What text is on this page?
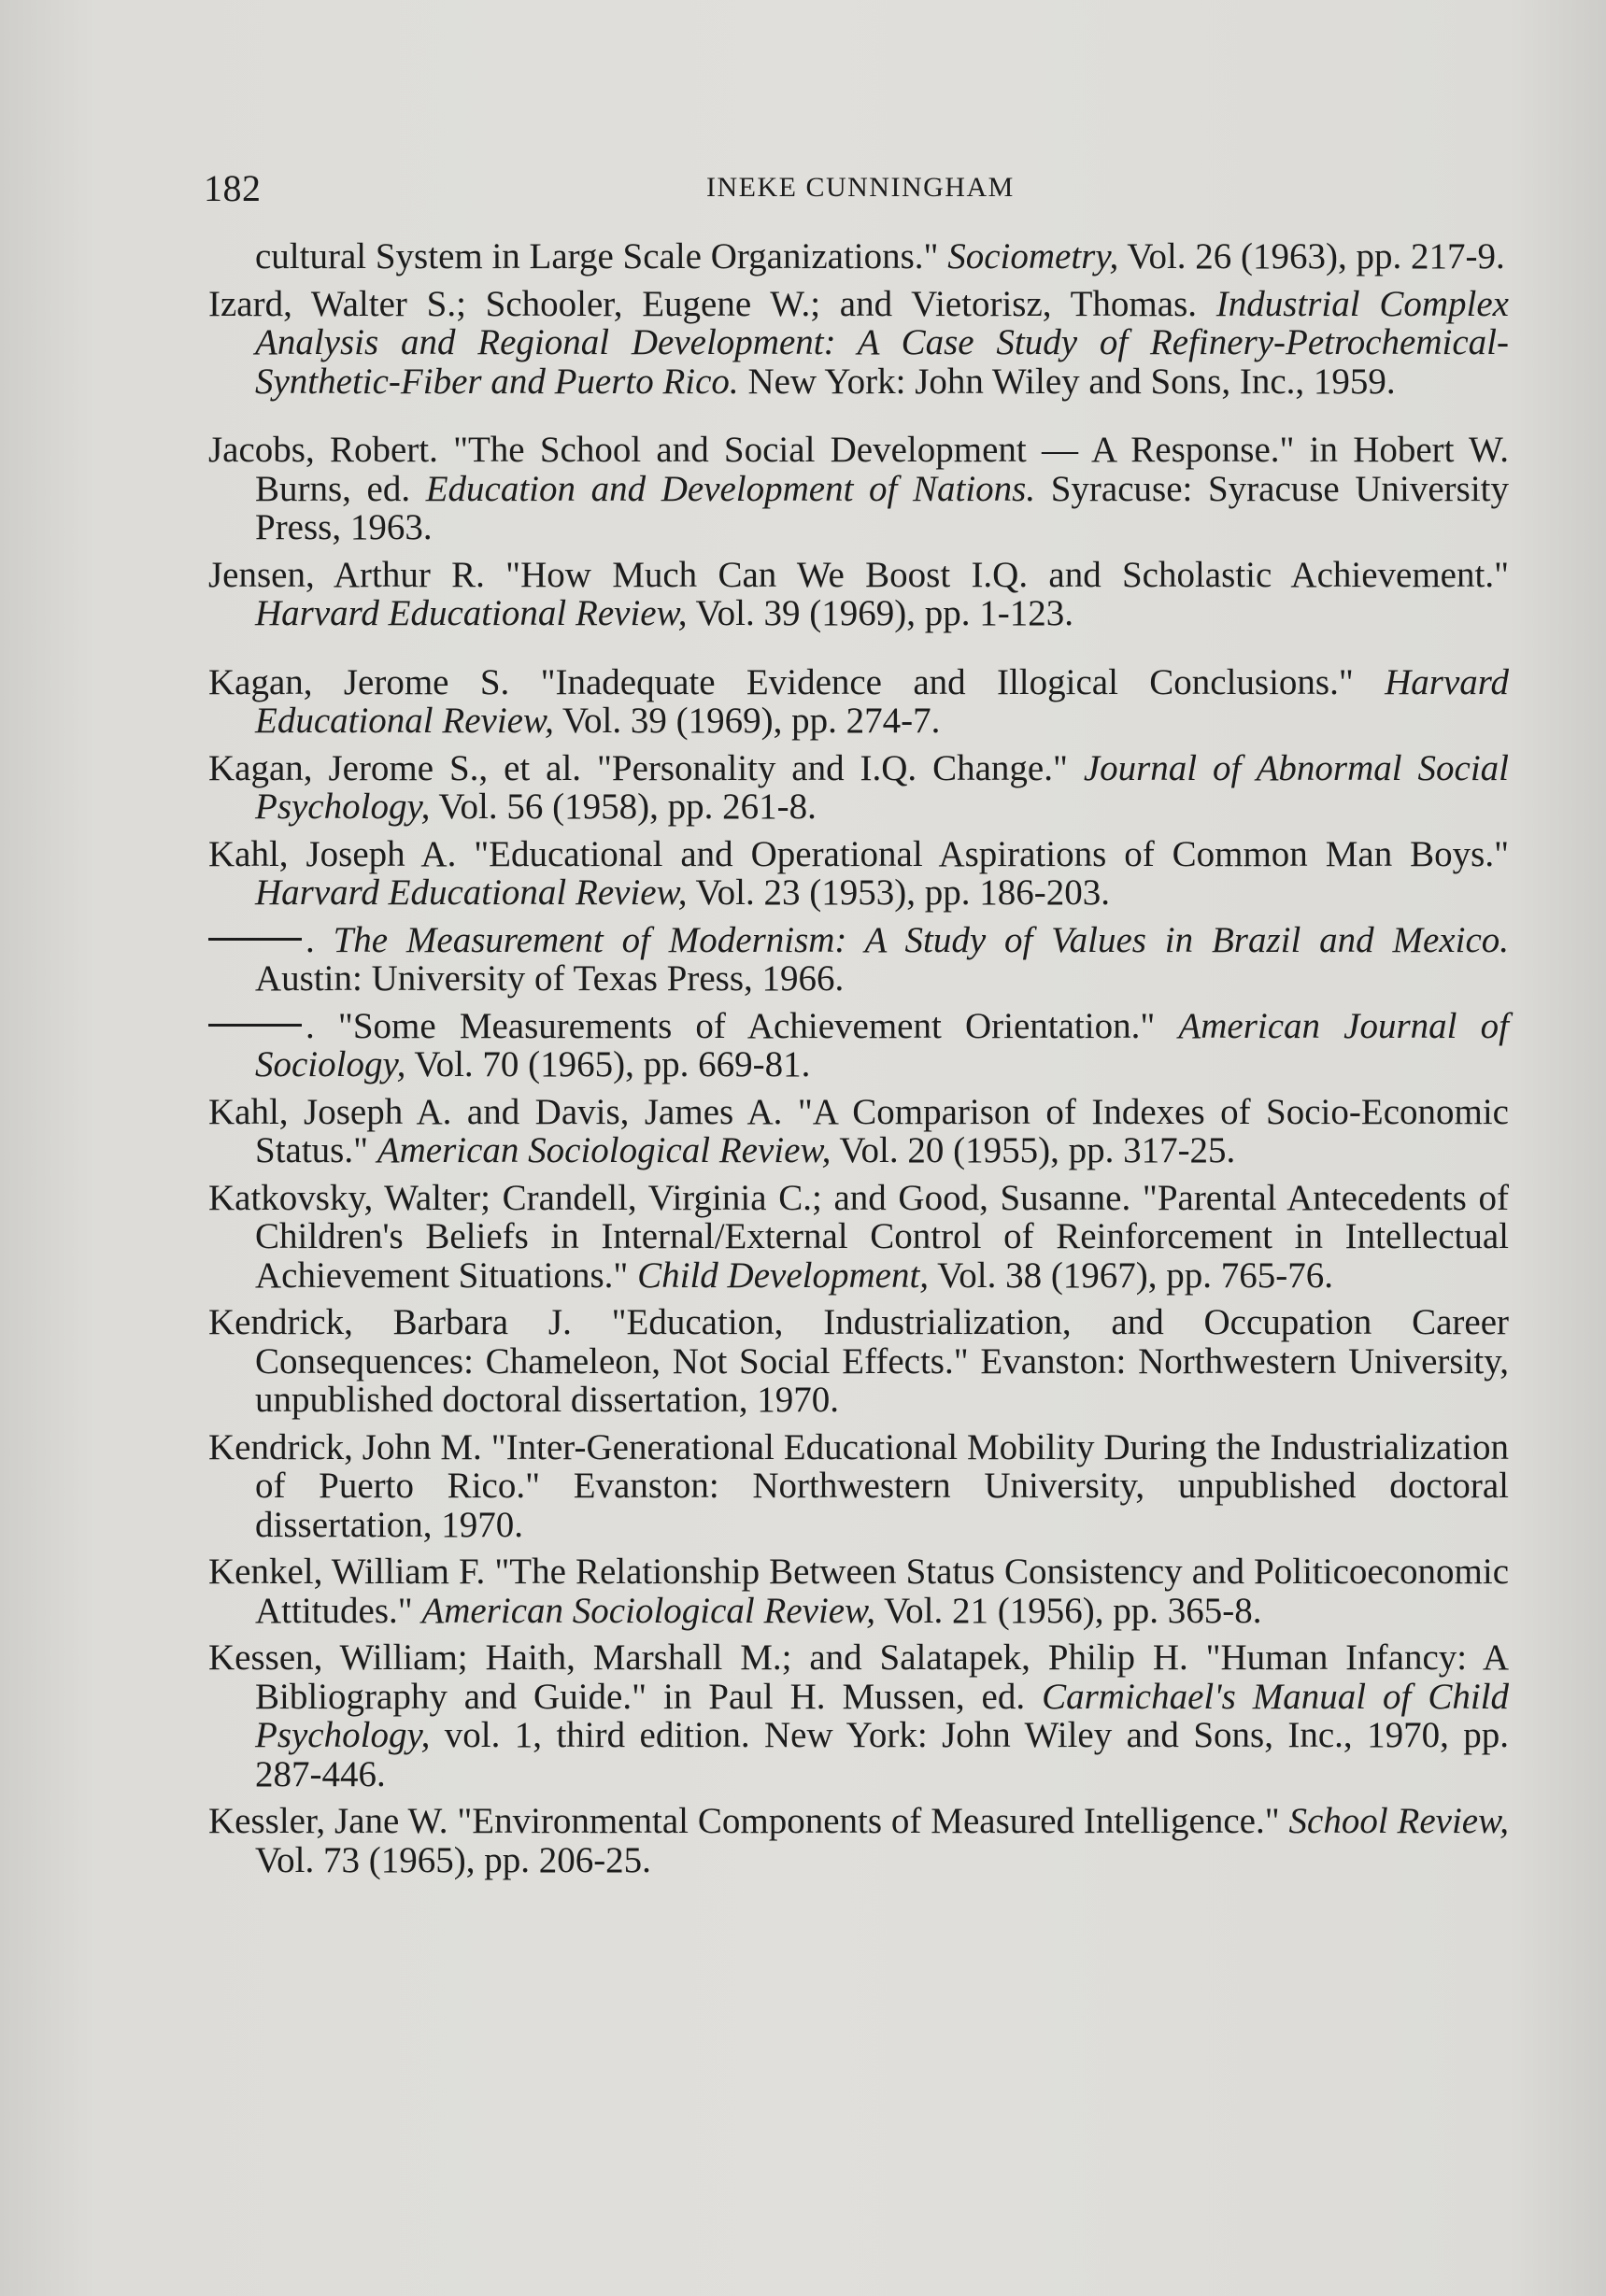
182	INEKE CUNNINGHAM
cultural System in Large Scale Organizations." Sociometry, Vol. 26 (1963), pp. 217-9.
Izard, Walter S.; Schooler, Eugene W.; and Vietorisz, Thomas. Industrial Complex Analysis and Regional Development: A Case Study of Refinery-Petrochemical-Synthetic-Fiber and Puerto Rico. New York: John Wiley and Sons, Inc., 1959.
Jacobs, Robert. "The School and Social Development — A Response." in Hobert W. Burns, ed. Education and Development of Nations. Syracuse: Syracuse University Press, 1963.
Jensen, Arthur R. "How Much Can We Boost I.Q. and Scholastic Achievement." Harvard Educational Review, Vol. 39 (1969), pp. 1-123.
Kagan, Jerome S. "Inadequate Evidence and Illogical Conclusions." Harvard Educational Review, Vol. 39 (1969), pp. 274-7.
Kagan, Jerome S., et al. "Personality and I.Q. Change." Journal of Abnormal Social Psychology, Vol. 56 (1958), pp. 261-8.
Kahl, Joseph A. "Educational and Operational Aspirations of Common Man Boys." Harvard Educational Review, Vol. 23 (1953), pp. 186-203.
. The Measurement of Modernism: A Study of Values in Brazil and Mexico. Austin: University of Texas Press, 1966.
. "Some Measurements of Achievement Orientation." American Journal of Sociology, Vol. 70 (1965), pp. 669-81.
Kahl, Joseph A. and Davis, James A. "A Comparison of Indexes of Socio-Economic Status." American Sociological Review, Vol. 20 (1955), pp. 317-25.
Katkovsky, Walter; Crandell, Virginia C.; and Good, Susanne. "Parental Antecedents of Children's Beliefs in Internal/External Control of Reinforcement in Intellectual Achievement Situations." Child Development, Vol. 38 (1967), pp. 765-76.
Kendrick, Barbara J. "Education, Industrialization, and Occupation Career Consequences: Chameleon, Not Social Effects." Evanston: Northwestern University, unpublished doctoral dissertation, 1970.
Kendrick, John M. "Inter-Generational Educational Mobility During the Industrialization of Puerto Rico." Evanston: Northwestern University, unpublished doctoral dissertation, 1970.
Kenkel, William F. "The Relationship Between Status Consistency and Politicoeconomic Attitudes." American Sociological Review, Vol. 21 (1956), pp. 365-8.
Kessen, William; Haith, Marshall M.; and Salatapek, Philip H. "Human Infancy: A Bibliography and Guide." in Paul H. Mussen, ed. Carmichael's Manual of Child Psychology, vol. 1, third edition. New York: John Wiley and Sons, Inc., 1970, pp. 287-446.
Kessler, Jane W. "Environmental Components of Measured Intelligence." School Review, Vol. 73 (1965), pp. 206-25.
